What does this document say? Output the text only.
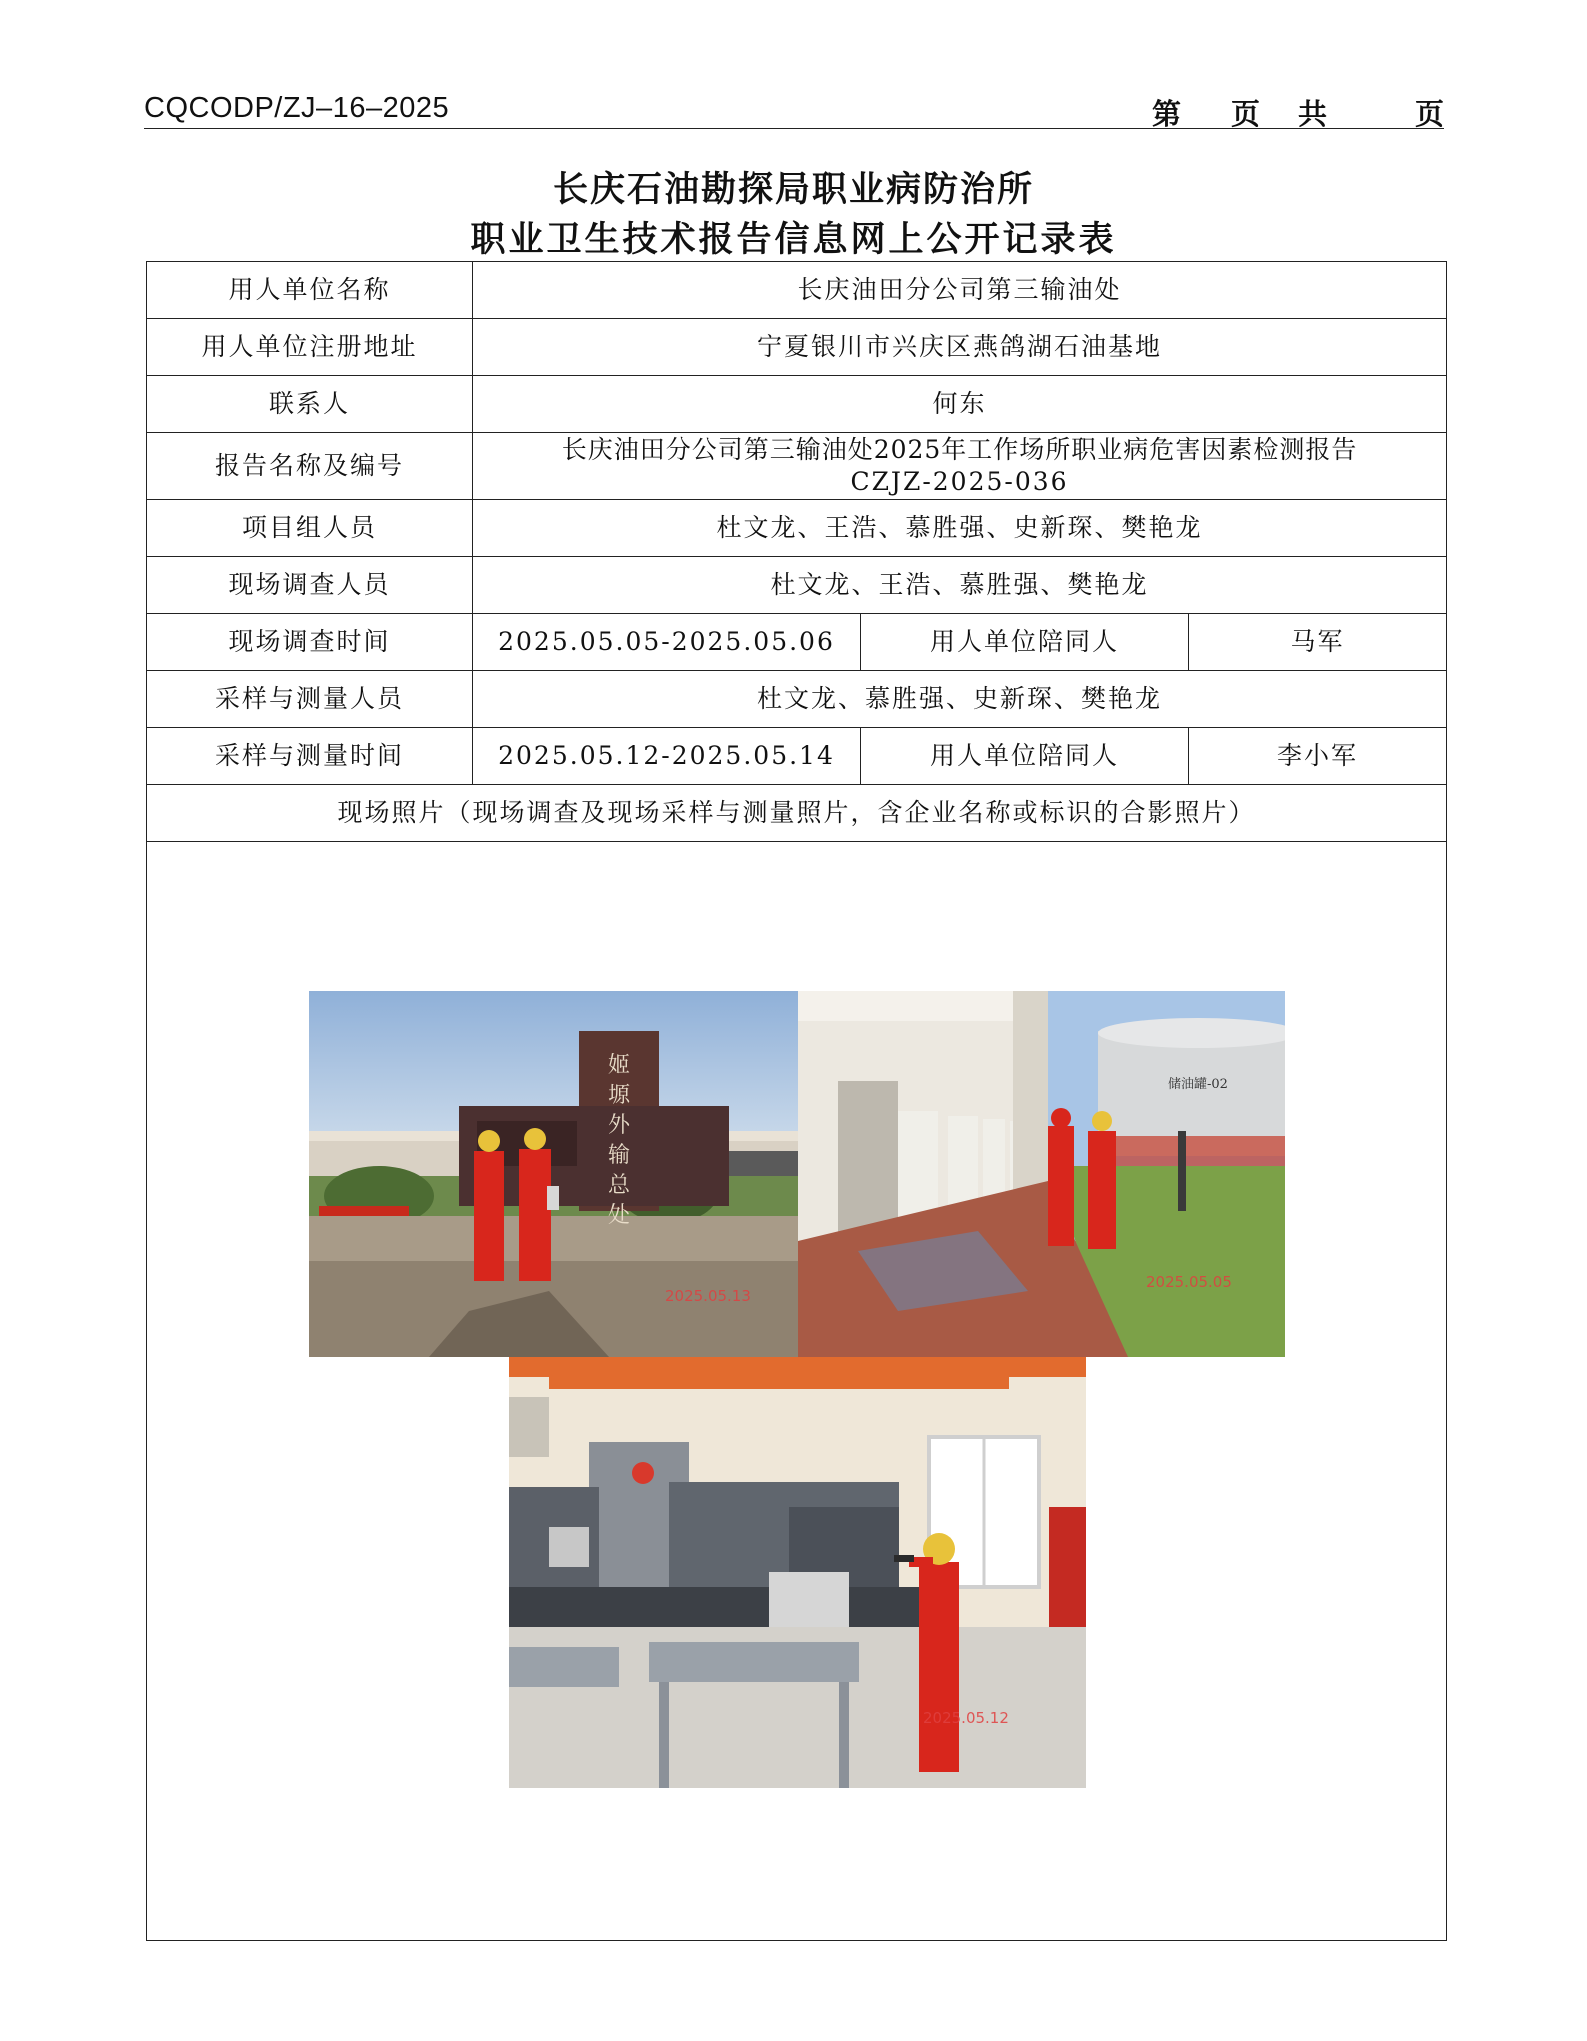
CQCODP/ZJ–16–2025	第 页共 页
长庆石油勘探局职业病防治所
职业卫生技术报告信息网上公开记录表
用人单位名称	长庆油田分公司第三输油处		
用人单位注册地址	宁夏银川市兴庆区燕鸽湖石油基地		
联系人	何东		
报告名称及编号	长庆油田分公司第三输油处2025年工作场所职业病危害因素检测报告
CZJZ-2025-036		

项目组人员	杜文龙、王浩、慕胜强、史新琛、樊艳龙		
现场调查人员	杜文龙、王浩、慕胜强、樊艳龙		
现场调查时间	2025.05.05-2025.05.06	用人单位陪同人	马军
采样与测量人员	杜文龙、慕胜强、史新琛、樊艳龙		
采样与测量时间	2025.05.12-2025.05.14	用人单位陪同人	李小军
现场照片（现场调查及现场采样与测量照片，含企业名称或标识的合影照片）			

姬塬外输总处
2025.05.13
储油罐-02
2025.05.05
2025.05.12			
